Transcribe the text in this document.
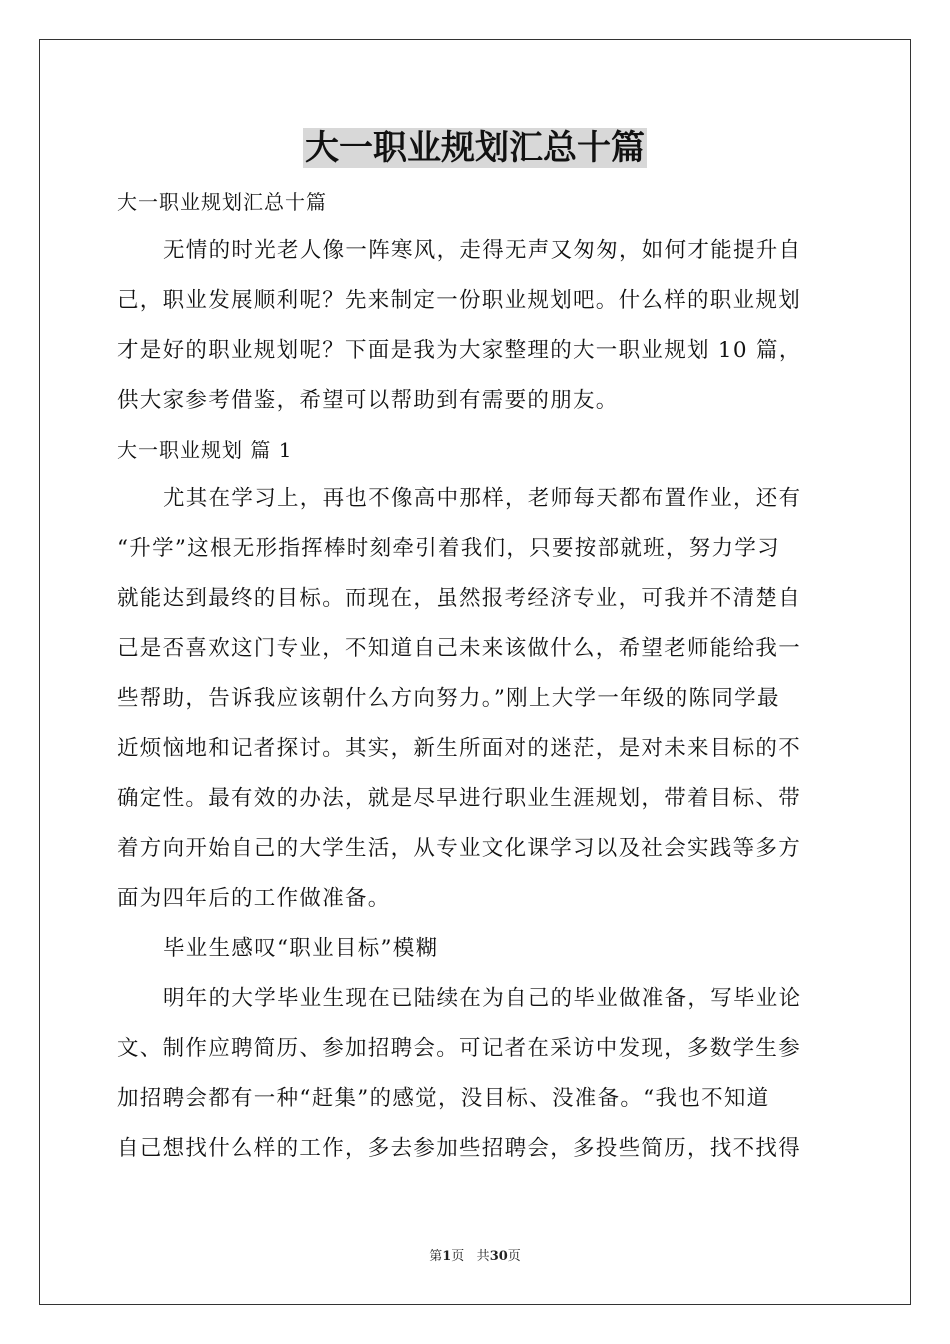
大一职业规划汇总十篇
大一职业规划汇总十篇
无情的时光老人像一阵寒风，走得无声又匆匆，如何才能提升自
己，职业发展顺利呢？先来制定一份职业规划吧。什么样的职业规划
才是好的职业规划呢？下面是我为大家整理的大一职业规划 10 篇，
供大家参考借鉴，希望可以帮助到有需要的朋友。
大一职业规划 篇 1
尤其在学习上，再也不像高中那样，老师每天都布置作业，还有
“升学”这根无形指挥棒时刻牵引着我们，只要按部就班，努力学习
就能达到最终的目标。而现在，虽然报考经济专业，可我并不清楚自
己是否喜欢这门专业，不知道自己未来该做什么，希望老师能给我一
些帮助，告诉我应该朝什么方向努力。”刚上大学一年级的陈同学最
近烦恼地和记者探讨。其实，新生所面对的迷茫，是对未来目标的不
确定性。最有效的办法，就是尽早进行职业生涯规划，带着目标、带
着方向开始自己的大学生活，从专业文化课学习以及社会实践等多方
面为四年后的工作做准备。
毕业生感叹“职业目标”模糊
明年的大学毕业生现在已陆续在为自己的毕业做准备，写毕业论
文、制作应聘简历、参加招聘会。可记者在采访中发现，多数学生参
加招聘会都有一种“赶集”的感觉，没目标、没准备。“我也不知道
自己想找什么样的工作，多去参加些招聘会，多投些简历，找不找得
第1页 共30页
